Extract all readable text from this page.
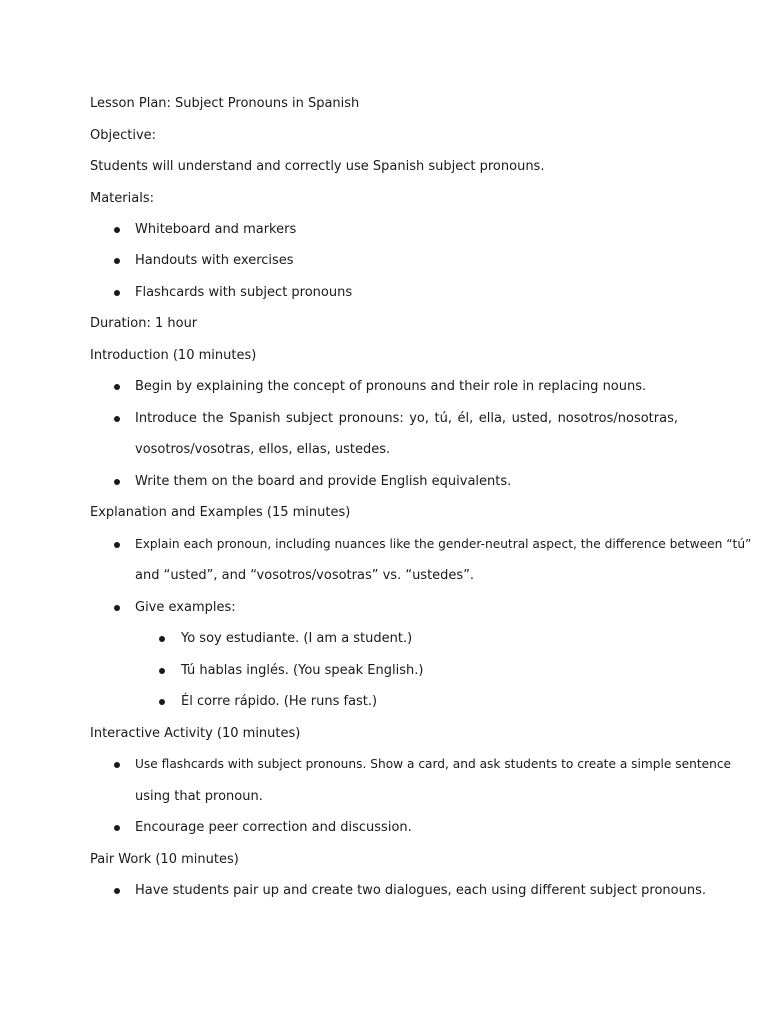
Lesson Plan: Subject Pronouns in Spanish
Objective:
Students will understand and correctly use Spanish subject pronouns.
Materials:
Whiteboard and markers
Handouts with exercises
Flashcards with subject pronouns
Duration: 1 hour
Introduction (10 minutes)
Begin by explaining the concept of pronouns and their role in replacing nouns.
Introduce the Spanish subject pronouns: yo, tú, él, ella, usted, nosotros/nosotras,
vosotros/vosotras, ellos, ellas, ustedes.
Write them on the board and provide English equivalents.
Explanation and Examples (15 minutes)
Explain each pronoun, including nuances like the gender-neutral aspect, the difference between “tú”
and “usted”, and “vosotros/vosotras” vs. “ustedes”.
Give examples:
Yo soy estudiante. (I am a student.)
Tú hablas inglés. (You speak English.)
Él corre rápido. (He runs fast.)
Interactive Activity (10 minutes)
Use flashcards with subject pronouns. Show a card, and ask students to create a simple sentence
using that pronoun.
Encourage peer correction and discussion.
Pair Work (10 minutes)
Have students pair up and create two dialogues, each using different subject pronouns.
